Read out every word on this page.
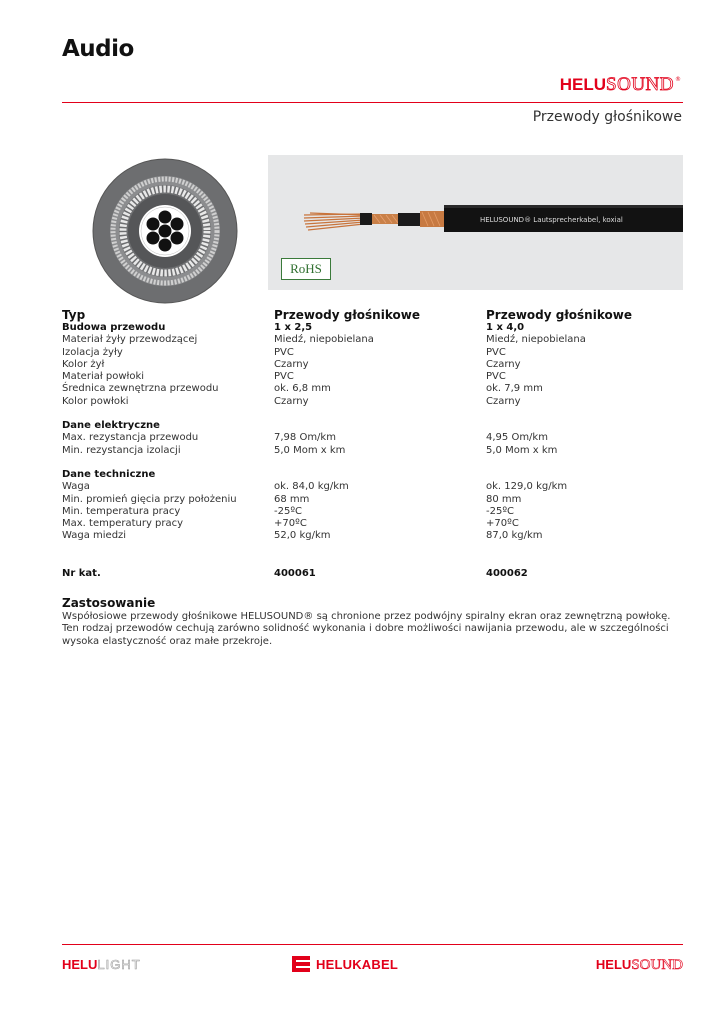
Audio
HELU SOUND ®
Przewody głośnikowe
HELUSOUND® Lautsprecherkabel, koxial
RoHS
Typ	Przewody głośnikowe	Przewody głośnikowe
Budowa przewodu	1 x 2,5	1 x 4,0
Materiał żyły przewodzącej	Miedź, niepobielana	Miedź, niepobielana
Izolacja żyły	PVC	PVC
Kolor żył	Czarny	Czarny
Materiał powłoki	PVC	PVC
Średnica zewnętrzna przewodu	ok. 6,8 mm	ok. 7,9 mm
Kolor powłoki	Czarny	Czarny
Dane elektryczne
Max. rezystancja przewodu	7,98 Om/km	4,95 Om/km
Min. rezystancja izolacji	5,0 Mom x km	5,0 Mom x km
Dane techniczne
Waga	ok. 84,0 kg/km	ok. 129,0 kg/km
Min. promień gięcia przy położeniu	68 mm	80 mm
Min. temperatura pracy	-25ºC	-25ºC
Max. temperatury pracy	+70ºC	+70ºC
Waga miedzi	52,0 kg/km	87,0 kg/km
Nr kat.	400061	400062
Zastosowanie
Współosiowe przewody głośnikowe HELUSOUND® są chronione przez podwójny spiralny ekran oraz zewnętrzną powłokę. Ten rodzaj przewodów cechują zarówno solidność wykonania i dobre możliwości nawijania przewodu, ale w szczególności wysoka elastyczność oraz małe przekroje.
HELU LIGHT	HELUKABEL	HELU SOUND
